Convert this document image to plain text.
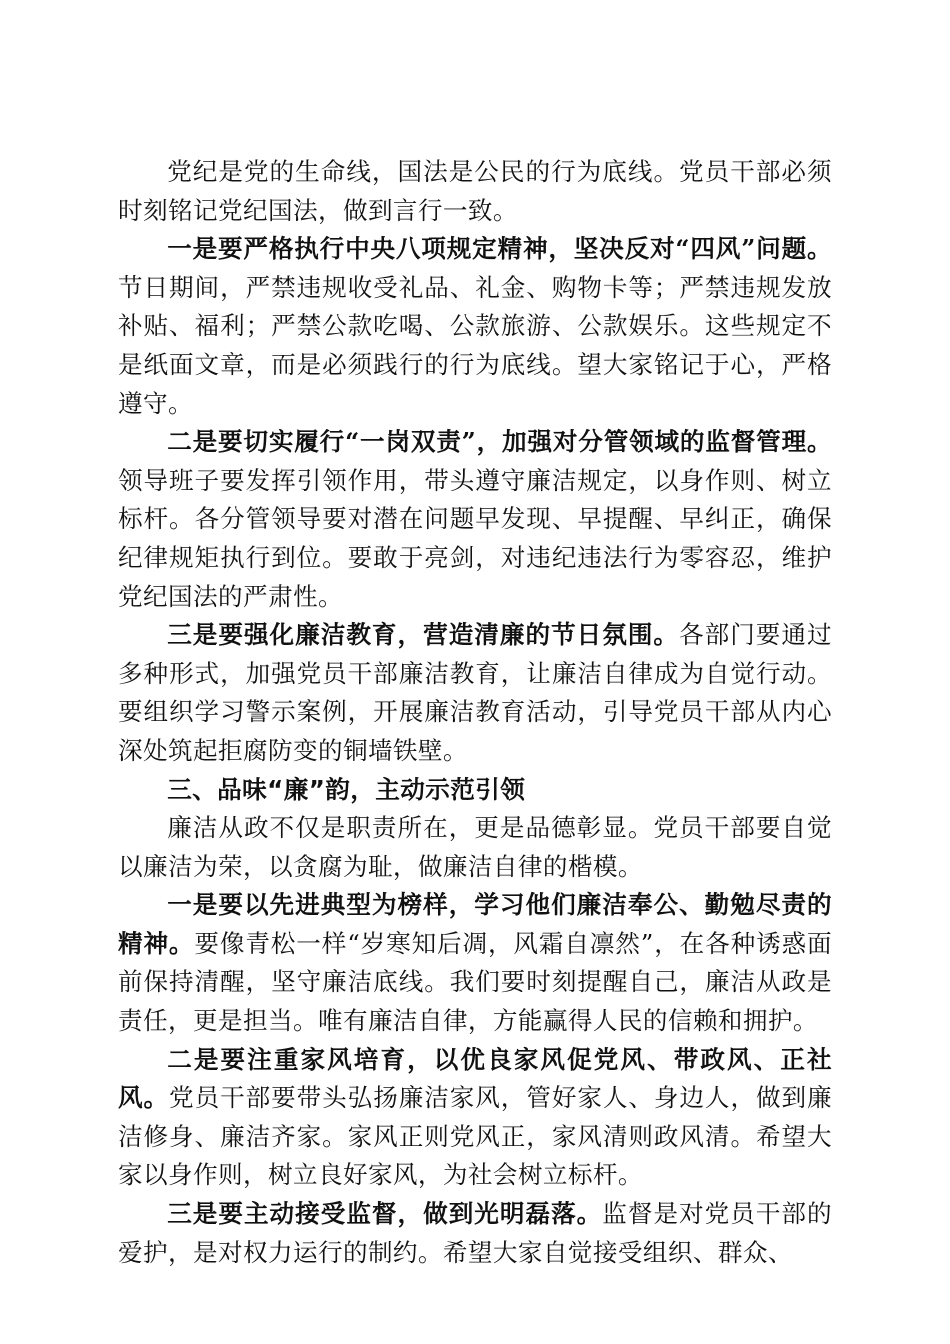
党纪是党的生命线，国法是公民的行为底线。党员干部必须时刻铭记党纪国法，做到言行一致。

一是要严格执行中央八项规定精神，坚决反对“四风”问题。节日期间，严禁违规收受礼品、礼金、购物卡等；严禁违规发放补贴、福利；严禁公款吃喝、公款旅游、公款娱乐。这些规定不是纸面文章，而是必须践行的行为底线。望大家铭记于心，严格遵守。

二是要切实履行“一岗双责”，加强对分管领域的监督管理。领导班子要发挥引领作用，带头遵守廉洁规定，以身作则、树立标杆。各分管领导要对潜在问题早发现、早提醒、早纠正，确保纪律规矩执行到位。要敢于亮剑，对违纪违法行为零容忍，维护党纪国法的严肃性。

三是要强化廉洁教育，营造清廉的节日氛围。各部门要通过多种形式，加强党员干部廉洁教育，让廉洁自律成为自觉行动。要组织学习警示案例，开展廉洁教育活动，引导党员干部从内心深处筑起拒腐防变的铜墙铁壁。

三、品味“廉”韵，主动示范引领

廉洁从政不仅是职责所在，更是品德彰显。党员干部要自觉以廉洁为荣，以贪腐为耻，做廉洁自律的楷模。

一是要以先进典型为榜样，学习他们廉洁奉公、勤勉尽责的精神。要像青松一样“岁寒知后凋，风霜自凛然”，在各种诱惑面前保持清醒，坚守廉洁底线。我们要时刻提醒自己，廉洁从政是责任，更是担当。唯有廉洁自律，方能赢得人民的信赖和拥护。

二是要注重家风培育，以优良家风促党风、带政风、正社风。党员干部要带头弘扬廉洁家风，管好家人、身边人，做到廉洁修身、廉洁齐家。家风正则党风正，家风清则政风清。希望大家以身作则，树立良好家风，为社会树立标杆。

三是要主动接受监督，做到光明磊落。监督是对党员干部的爱护，是对权力运行的制约。希望大家自觉接受组织、群众、
